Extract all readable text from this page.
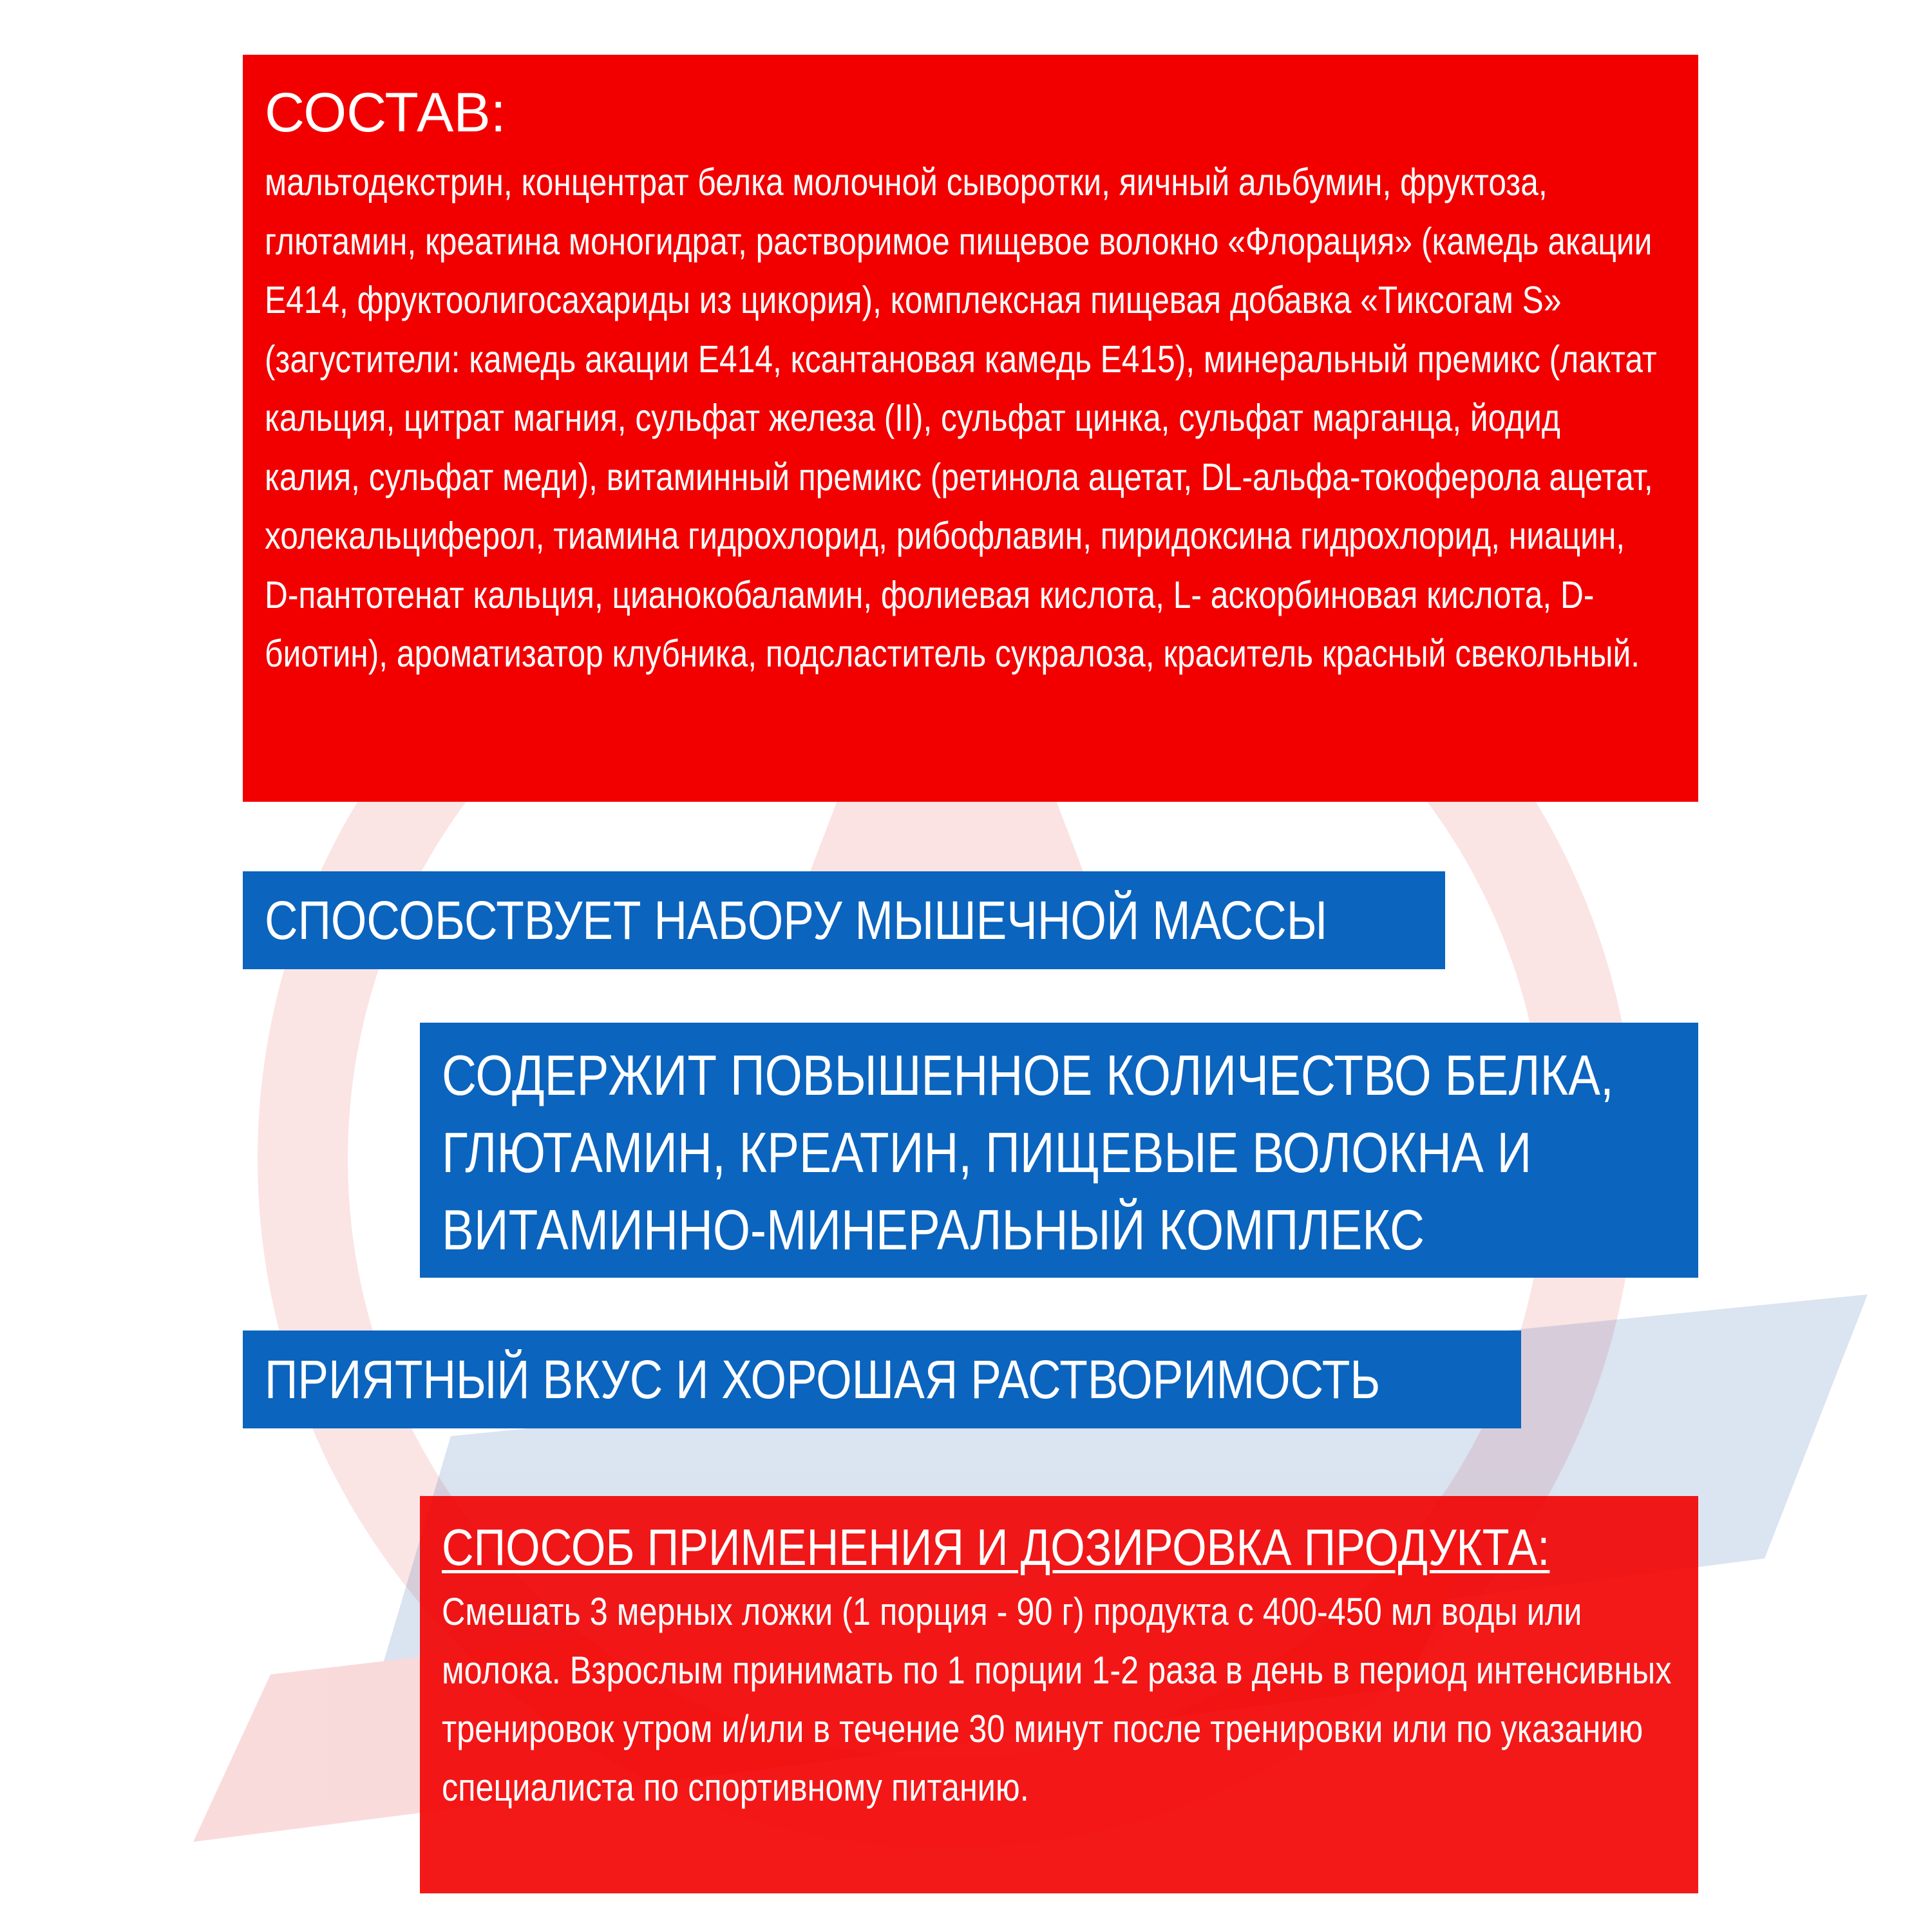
СОСТАВ:

мальтодекстрин, концентрат белка молочной сыворотки, яичный альбумин, фруктоза, глютамин, креатина моногидрат, растворимое пищевое волокно «Флорация» (камедь акации Е414, фруктоолигосахариды из цикория), комплексная пищевая добавка «Тиксогам S» (загустители: камедь акации Е414, ксантановая камедь Е415), минеральный премикс (лактат кальция, цитрат магния, сульфат железа (II), сульфат цинка, сульфат марганца, йодид калия, сульфат меди), витаминный премикс (ретинола ацетат, DL-альфа-токоферола ацетат, холекальциферол, тиамина гидрохлорид, рибофлавин, пиридоксина гидрохлорид, ниацин, D-пантотенат кальция, цианокобаламин, фолиевая кислота, L- аскорбиновая кислота, D- биотин), ароматизатор клубника, подсластитель сукралоза, краситель красный свекольный.

СПОСОБСТВУЕТ НАБОРУ МЫШЕЧНОЙ МАССЫ

СОДЕРЖИТ ПОВЫШЕННОЕ КОЛИЧЕСТВО БЕЛКА,
ГЛЮТАМИН, КРЕАТИН, ПИЩЕВЫЕ ВОЛОКНА И
ВИТАМИННО-МИНЕРАЛЬНЫЙ КОМПЛЕКС

ПРИЯТНЫЙ ВКУС И ХОРОШАЯ РАСТВОРИМОСТЬ

СПОСОБ ПРИМЕНЕНИЯ И ДОЗИРОВКА ПРОДУКТА:

Смешать 3 мерных ложки (1 порция - 90 г) продукта с 400-450 мл воды или молока. Взрослым принимать по 1 порции 1-2 раза в день в период интенсивных тренировок утром и/или в течение 30 минут после тренировки или по указанию специалиста по спортивному питанию.
